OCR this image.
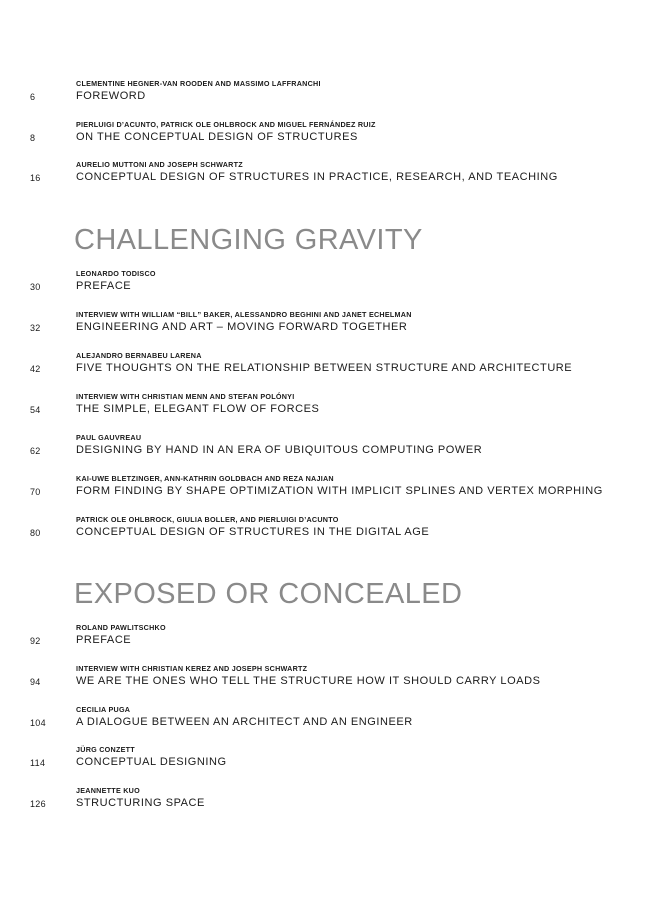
CLEMENTINE HEGNER-VAN ROODEN AND MASSIMO LAFFRANCHI
6	FOREWORD
PIERLUIGI D’ACUNTO, PATRICK OLE OHLBROCK AND MIGUEL FERNÁNDEZ RUIZ
8	ON THE CONCEPTUAL DESIGN OF STRUCTURES
AURELIO MUTTONI AND JOSEPH SCHWARTZ
16	CONCEPTUAL DESIGN OF STRUCTURES IN PRACTICE, RESEARCH, AND TEACHING
CHALLENGING GRAVITY
LEONARDO TODISCO
30	PREFACE
INTERVIEW WITH WILLIAM “BILL” BAKER, ALESSANDRO BEGHINI AND JANET ECHELMAN
32	ENGINEERING AND ART – MOVING FORWARD TOGETHER
ALEJANDRO BERNABEU LARENA
42	FIVE THOUGHTS ON THE RELATIONSHIP BETWEEN STRUCTURE AND ARCHITECTURE
INTERVIEW WITH CHRISTIAN MENN AND STEFAN POLÓNYI
54	THE SIMPLE, ELEGANT FLOW OF FORCES
PAUL GAUVREAU
62	DESIGNING BY HAND IN AN ERA OF UBIQUITOUS COMPUTING POWER
KAI-UWE BLETZINGER, ANN-KATHRIN GOLDBACH AND REZA NAJIAN
70	FORM FINDING BY SHAPE OPTIMIZATION WITH IMPLICIT SPLINES AND VERTEX MORPHING
PATRICK OLE OHLBROCK, GIULIA BOLLER, AND PIERLUIGI D’ACUNTO
80	CONCEPTUAL DESIGN OF STRUCTURES IN THE DIGITAL AGE
EXPOSED OR CONCEALED
ROLAND PAWLITSCHKO
92	PREFACE
INTERVIEW WITH CHRISTIAN KEREZ AND JOSEPH SCHWARTZ
94	WE ARE THE ONES WHO TELL THE STRUCTURE HOW IT SHOULD CARRY LOADS
CECILIA PUGA
104	A DIALOGUE BETWEEN AN ARCHITECT AND AN ENGINEER
JÜRG CONZETT
114	CONCEPTUAL DESIGNING
JEANNETTE KUO
126	STRUCTURING SPACE
